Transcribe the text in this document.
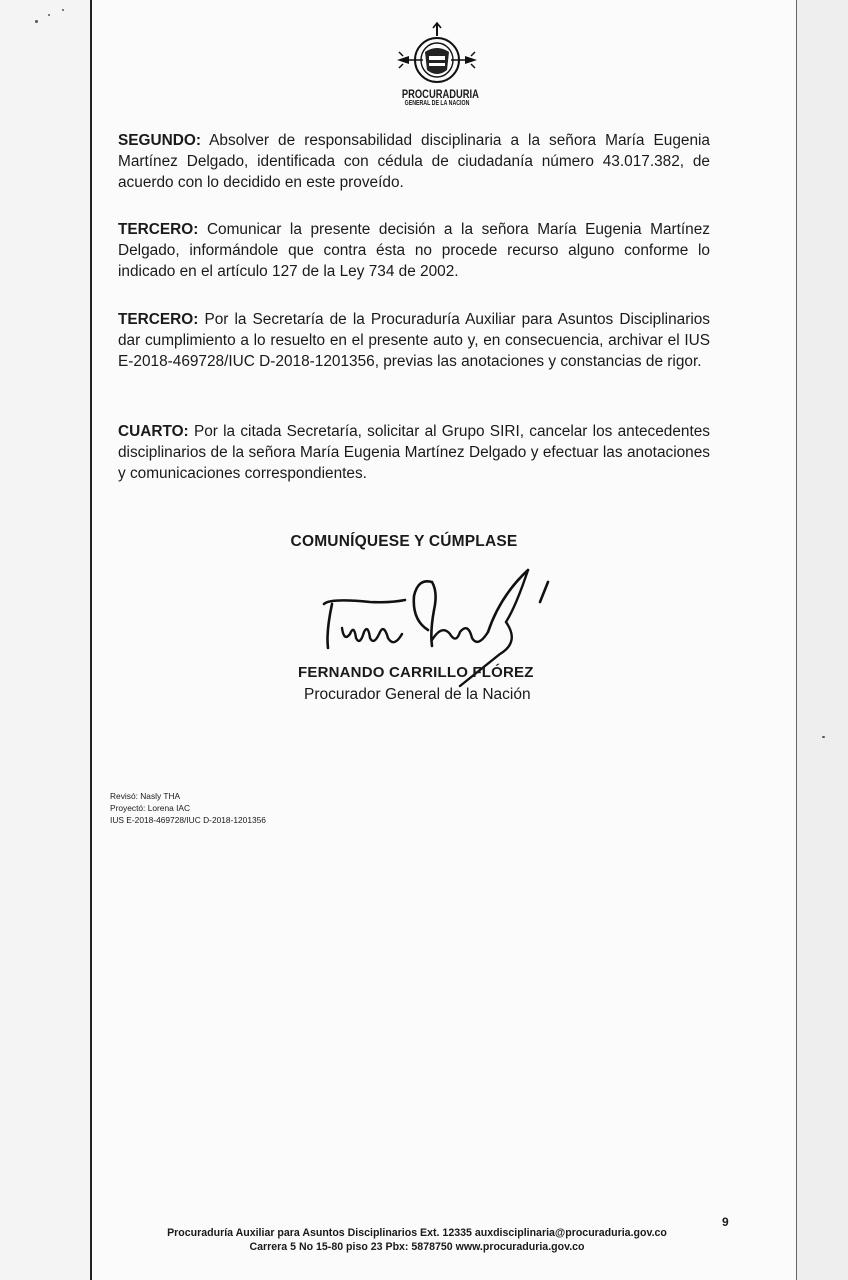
PROCURADURIA
GENERAL DE LA NACION
SEGUNDO: Absolver de responsabilidad disciplinaria a la señora María Eugenia Martínez Delgado, identificada con cédula de ciudadanía número 43.017.382, de acuerdo con lo decidido en este proveído.
TERCERO: Comunicar la presente decisión a la señora María Eugenia Martínez Delgado, informándole que contra ésta no procede recurso alguno conforme lo indicado en el artículo 127 de la Ley 734 de 2002.
TERCERO: Por la Secretaría de la Procuraduría Auxiliar para Asuntos Disciplinarios dar cumplimiento a lo resuelto en el presente auto y, en consecuencia, archivar el IUS E-2018-469728/IUC D-2018-1201356, previas las anotaciones y constancias de rigor.
CUARTO: Por la citada Secretaría, solicitar al Grupo SIRI, cancelar los antecedentes disciplinarios de la señora María Eugenia Martínez Delgado y efectuar las anotaciones y comunicaciones correspondientes.
COMUNÍQUESE Y CÚMPLASE
FERNANDO CARRILLO FLÓREZ
Procurador General de la Nación
Revisó: Nasly THA
Proyectó: Lorena IAC
IUS E-2018-469728/IUC D-2018-1201356
9
Procuraduría Auxiliar para Asuntos Disciplinarios Ext. 12335 auxdisciplinaria@procuraduria.gov.co
Carrera 5 No 15-80 piso 23 Pbx: 5878750 www.procuraduria.gov.co
